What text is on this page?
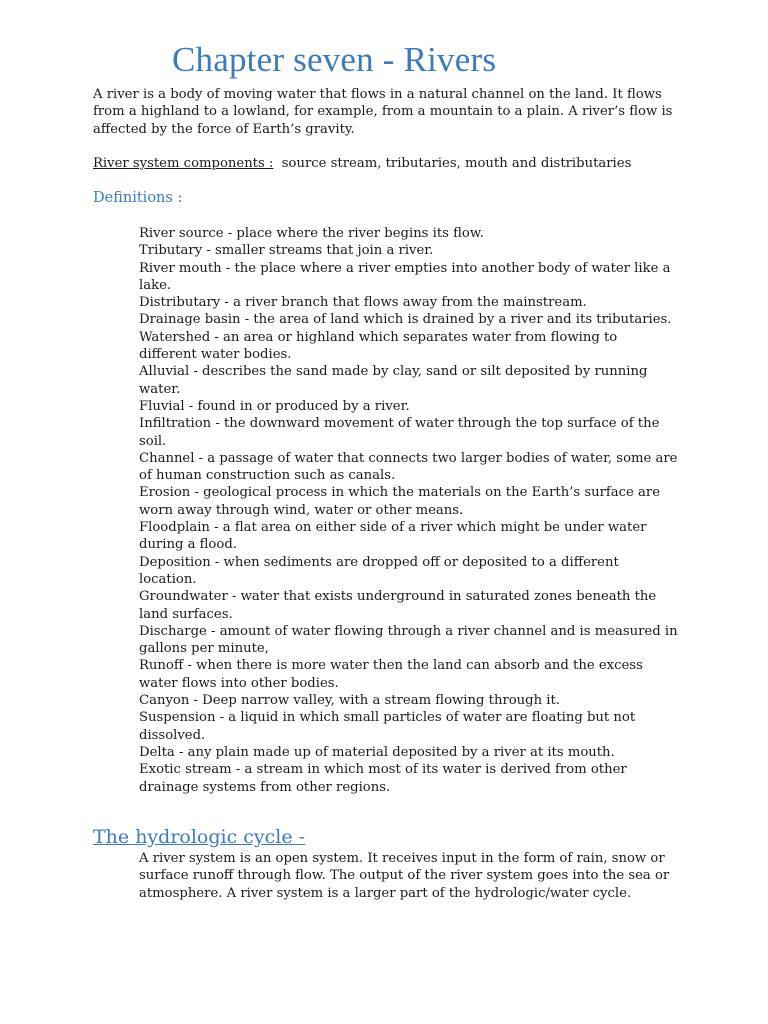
Chapter seven - Rivers

A river is a body of moving water that flows in a natural channel on the land. It flows from a highland to a lowland, for example, from a mountain to a plain. A river’s flow is affected by the force of Earth’s gravity.

River system components : source stream, tributaries, mouth and distributaries

Definitions :
River source - place where the river begins its flow.
Tributary - smaller streams that join a river.
River mouth - the place where a river empties into another body of water like a lake.
Distributary - a river branch that flows away from the mainstream.
Drainage basin - the area of land which is drained by a river and its tributaries.
Watershed - an area or highland which separates water from flowing to different water bodies.
Alluvial - describes the sand made by clay, sand or silt deposited by running water.
Fluvial - found in or produced by a river.
Infiltration - the downward movement of water through the top surface of the soil.
Channel - a passage of water that connects two larger bodies of water, some are of human construction such as canals.
Erosion - geological process in which the materials on the Earth’s surface are worn away through wind, water or other means.
Floodplain - a flat area on either side of a river which might be under water during a flood.
Deposition - when sediments are dropped off or deposited to a different location.
Groundwater - water that exists underground in saturated zones beneath the land surfaces.
Discharge - amount of water flowing through a river channel and is measured in gallons per minute,
Runoff - when there is more water then the land can absorb and the excess water flows into other bodies.
Canyon - Deep narrow valley, with a stream flowing through it.
Suspension - a liquid in which small particles of water are floating but not dissolved.
Delta - any plain made up of material deposited by a river at its mouth.
Exotic stream - a stream in which most of its water is derived from other drainage systems from other regions.
The hydrologic cycle -

A river system is an open system. It receives input in the form of rain, snow or surface runoff through flow. The output of the river system goes into the sea or atmosphere. A river system is a larger part of the hydrologic/water cycle.
